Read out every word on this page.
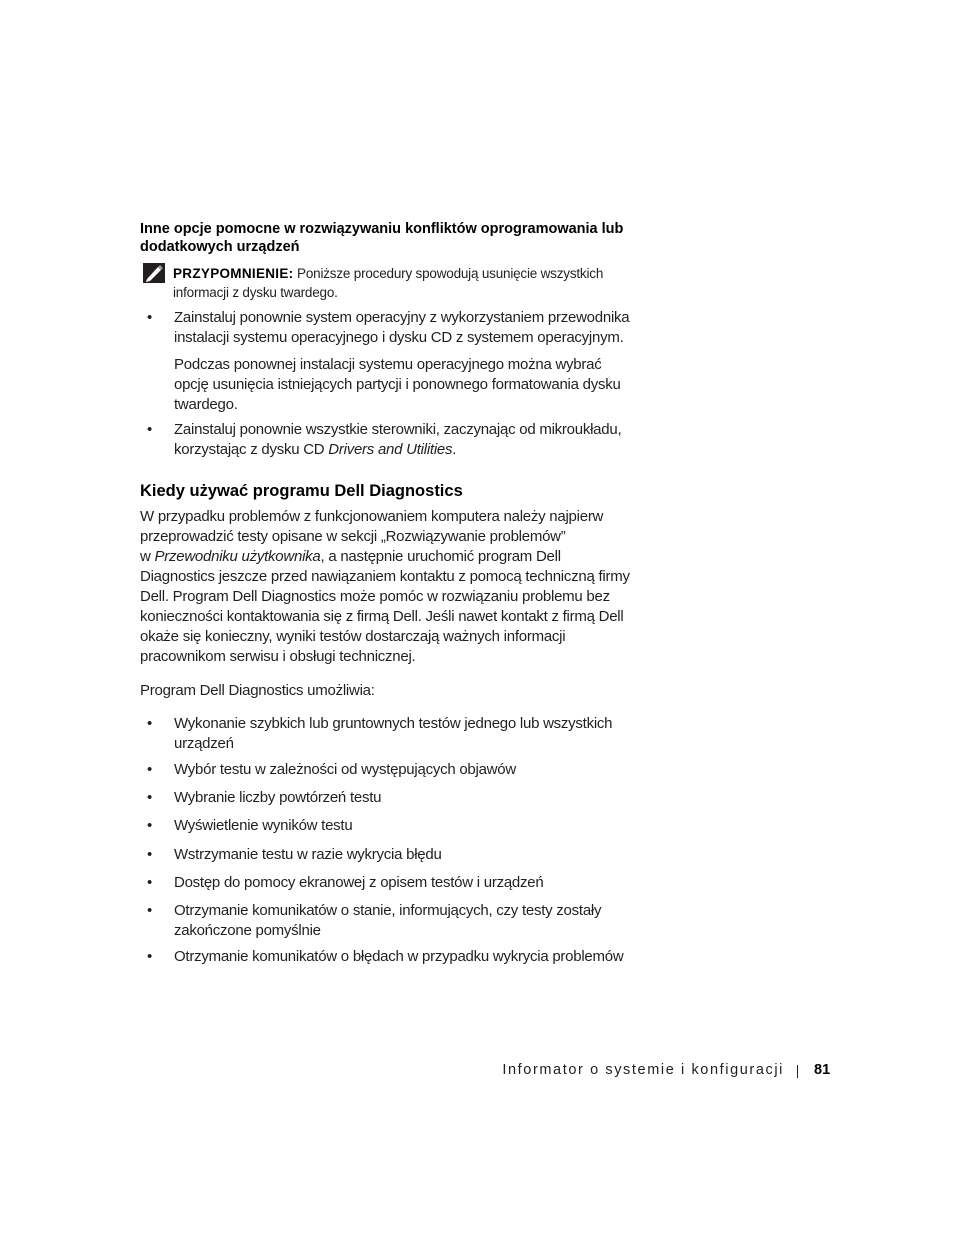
Inne opcje pomocne w rozwiązywaniu konfliktów oprogramowania lub
dodatkowych urządzeń
PRZYPOMNIENIE: Poniższe procedury spowodują usunięcie wszystkich
informacji z dysku twardego.
• Zainstaluj ponownie system operacyjny z wykorzystaniem przewodnika
instalacji systemu operacyjnego i dysku CD z systemem operacyjnym.
Podczas ponownej instalacji systemu operacyjnego można wybrać
opcję usunięcia istniejących partycji i ponownego formatowania dysku
twardego.
• Zainstaluj ponownie wszystkie sterowniki, zaczynając od mikroukładu,
korzystając z dysku CD Drivers and Utilities.
Kiedy używać programu Dell Diagnostics
W przypadku problemów z funkcjonowaniem komputera należy najpierw
przeprowadzić testy opisane w sekcji „Rozwiązywanie problemów”
w Przewodniku użytkownika, a następnie uruchomić program Dell
Diagnostics jeszcze przed nawiązaniem kontaktu z pomocą techniczną firmy
Dell. Program Dell Diagnostics może pomóc w rozwiązaniu problemu bez
konieczności kontaktowania się z firmą Dell. Jeśli nawet kontakt z firmą Dell
okaże się konieczny, wyniki testów dostarczają ważnych informacji
pracownikom serwisu i obsługi technicznej.
Program Dell Diagnostics umożliwia:
• Wykonanie szybkich lub gruntownych testów jednego lub wszystkich
urządzeń
• Wybór testu w zależności od występujących objawów
• Wybranie liczby powtórzeń testu
• Wyświetlenie wyników testu
• Wstrzymanie testu w razie wykrycia błędu
• Dostęp do pomocy ekranowej z opisem testów i urządzeń
• Otrzymanie komunikatów o stanie, informujących, czy testy zostały
zakończone pomyślnie
• Otrzymanie komunikatów o błędach w przypadku wykrycia problemów
Informator o systemie i konfiguracji 81
